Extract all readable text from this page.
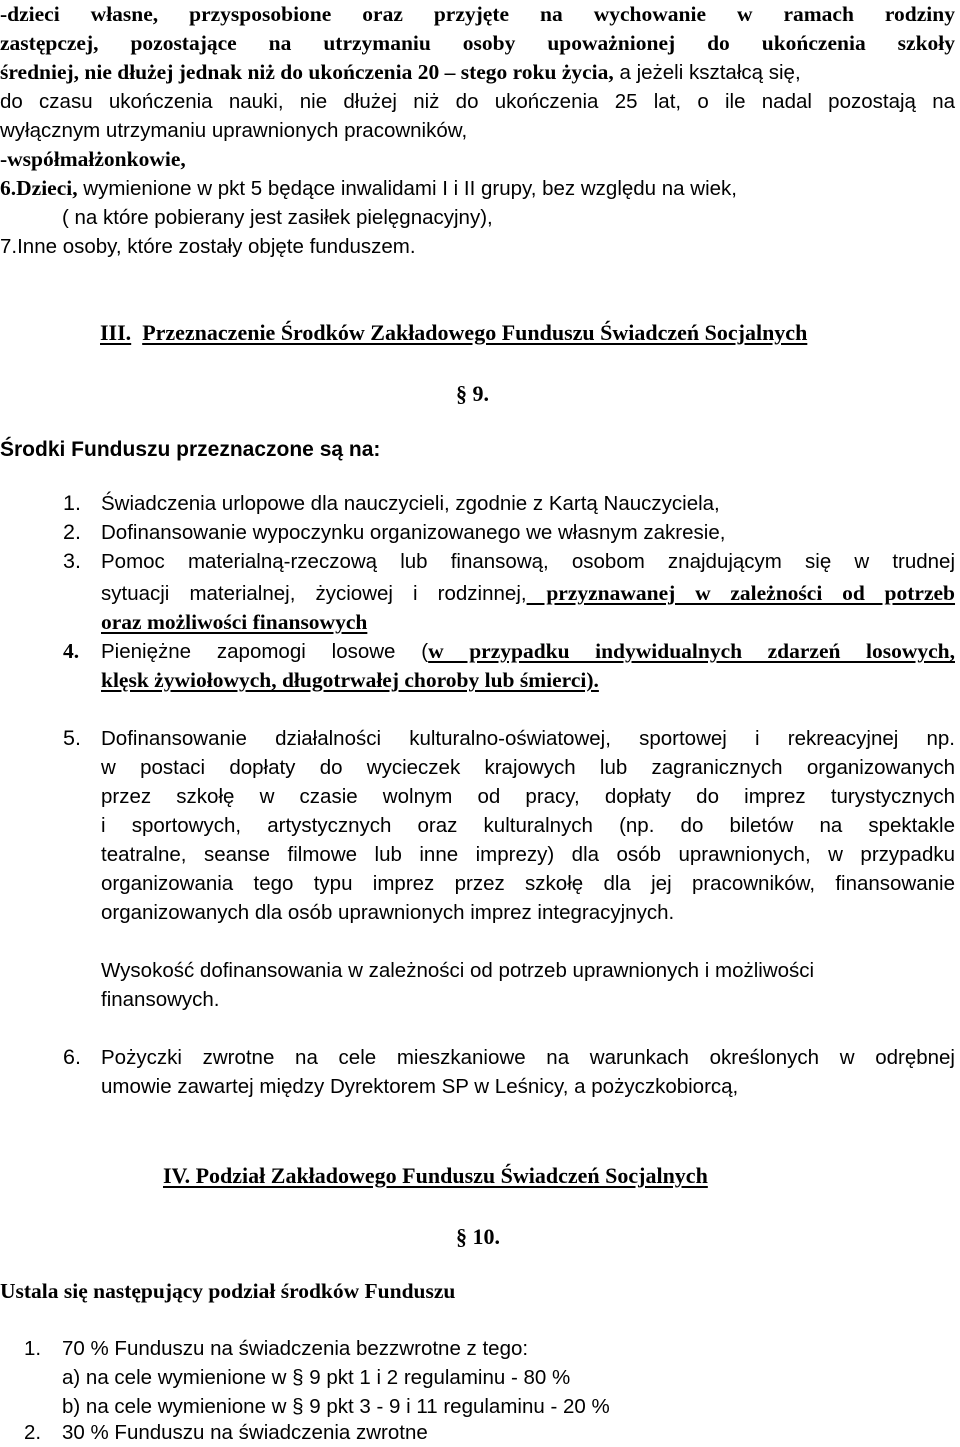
-dzieci własne, przysposobione oraz przyjęte na wychowanie w ramach rodziny
zastępczej, pozostające na utrzymaniu osoby upoważnionej do ukończenia szkoły
średniej, nie dłużej jednak niż do ukończenia 20 – stego roku życia, a jeżeli kształcą się,
do czasu ukończenia nauki, nie dłużej niż do ukończenia 25 lat, o ile nadal pozostają na
wyłącznym utrzymaniu uprawnionych pracowników,
-współmałżonkowie,
6.Dzieci, wymienione w pkt 5 będące inwalidami I i II grupy, bez względu na wiek,
( na które pobierany jest zasiłek pielęgnacyjny),
7.Inne osoby, które zostały objęte funduszem.
III. Przeznaczenie Środków Zakładowego Funduszu Świadczeń Socjalnych
§ 9.
Środki Funduszu przeznaczone są na:
1. Świadczenia urlopowe dla nauczycieli, zgodnie z Kartą Nauczyciela,
2. Dofinansowanie wypoczynku organizowanego we własnym zakresie,
3. Pomoc materialną-rzeczową lub finansową, osobom znajdującym się w trudnej
sytuacji materialnej, życiowej i rodzinnej, przyznawanej w zależności od potrzeb
oraz możliwości finansowych
4. Pieniężne zapomogi losowe (w przypadku indywidualnych zdarzeń losowych,
klęsk żywiołowych, długotrwałej choroby lub śmierci).
5. Dofinansowanie działalności kulturalno-oświatowej, sportowej i rekreacyjnej np.
w postaci dopłaty do wycieczek krajowych lub zagranicznych organizowanych
przez szkołę w czasie wolnym od pracy, dopłaty do imprez turystycznych
i sportowych, artystycznych oraz kulturalnych (np. do biletów na spektakle
teatralne, seanse filmowe lub inne imprezy) dla osób uprawnionych, w przypadku
organizowania tego typu imprez przez szkołę dla jej pracowników, finansowanie
organizowanych dla osób uprawnionych imprez integracyjnych.
Wysokość dofinansowania w zależności od potrzeb uprawnionych i możliwości
finansowych.
6. Pożyczki zwrotne na cele mieszkaniowe na warunkach określonych w odrębnej
umowie zawartej między Dyrektorem SP w Leśnicy, a pożyczkobiorcą,
IV. Podział Zakładowego Funduszu Świadczeń Socjalnych
§ 10.
Ustala się następujący podział środków Funduszu
1. 70 % Funduszu na świadczenia bezzwrotne z tego:
a) na cele wymienione w § 9 pkt 1 i 2 regulaminu - 80 %
b) na cele wymienione w § 9 pkt 3 - 9 i 11 regulaminu - 20 %
2. 30 % Funduszu na świadczenia zwrotne
